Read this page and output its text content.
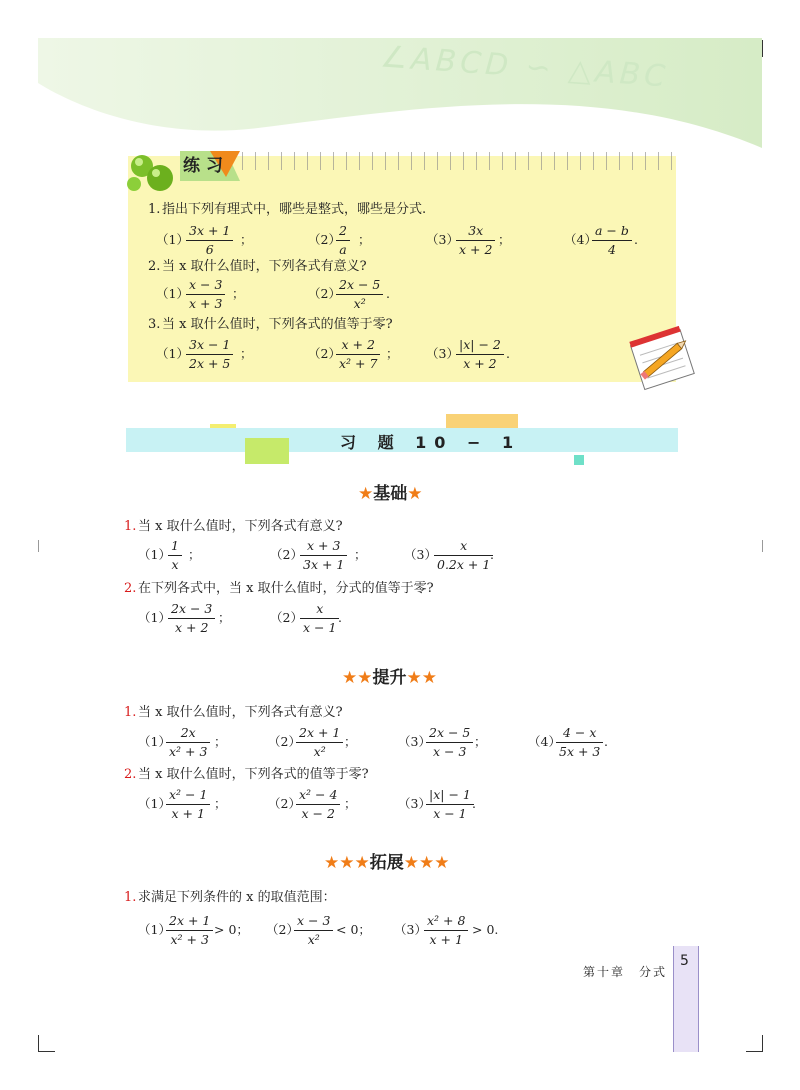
∠ABCD ∽ △ABC
练习
1. 指出下列有理式中，哪些是整式，哪些是分式.
（1）
$\frac{3x + 1}{6}$ ；	（2）
$\frac{2}{a}$ ；	（3）
$\frac{3x}{x + 2}$ ；	（4）
$\frac{a - b}{4}$ .
2. 当 x 取什么值时，下列各式有意义?
（1）
$\frac{x - 3}{x + 3}$ ；	（2）
$\frac{2x - 5}{\text{x²}}$ .
3. 当 x 取什么值时，下列各式的值等于零?
（1）
$\frac{3x - 1}{2x + 5}$ ；	（2）
$\frac{x + 2}{\text{x² + 7}}$ ； （3）
$\frac{|x| - 2}{x + 2}$ .
习 题 10 − 1
★基础★
1. 当 x 取什么值时，下列各式有意义?
（1）
$\frac{1}{x}$ ；	（2）
$\frac{x + 3}{3x + 1}$ ；	（3）
$\frac{x}{0.2x + 1}$
.
2. 在下列各式中，当 x 取什么值时，分式的值等于零?
（1）
$\frac{2x - 3}{x + 2}$ ；	（2）
$\frac{x}{x - 1}$
.
★★提升★★
1. 当 x 取什么值时，下列各式有意义?
（1）
$\frac{2x}{\text{x² + 3}}$ ；	（2）
$\frac{2x + 1}{\text{x²}}$ ；	（3）
$\frac{2x - 5}{x - 3}$ ；	（4）
$\frac{4 - x}{5x + 3}$ .
2. 当 x 取什么值时，下列各式的值等于零?
（1）
$\frac{\text{x² − 1}}{x + 1}$ ；	（2）
$\frac{\text{x² − 4}}{x - 2}$ ；	（3）
$\frac{|x| - 1}{x - 1}$
.
★★★拓展★★★
1. 求满足下列条件的 x 的取值范围：
（1）
$\frac{2x + 1}{\text{x² + 3}} > 0$； （2）
$\frac{x - 3}{\text{x²}} < 0$； （3）
$\frac{\text{x² + 8}}{x + 1} > 0$.
第十章　分式
5
